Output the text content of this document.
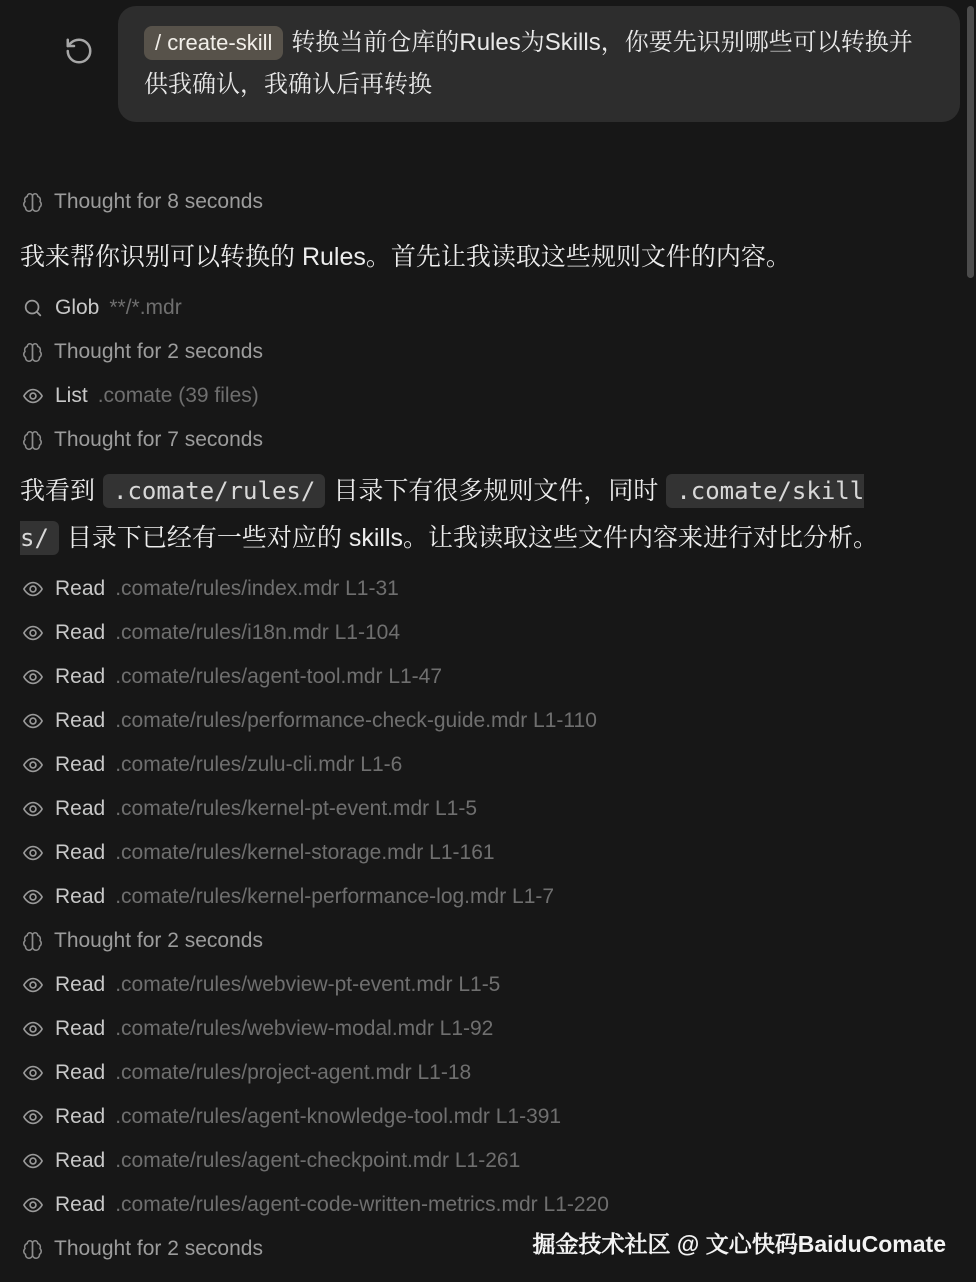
/ create-skill 转换当前仓库的Rules为Skills，你要先识别哪些可以转换并供我确认，我确认后再转换
Thought for 8 seconds

我来帮你识别可以转换的 Rules。首先让我读取这些规则文件的内容。

Glob **/*.mdr
Thought for 2 seconds
List .comate (39 files)
Thought for 7 seconds

我看到 .comate/rules/ 目录下有很多规则文件，同时 .comate/skills/ 目录下已经有一些对应的 skills。让我读取这些文件内容来进行对比分析。

Read .comate/rules/index.mdr L1-31
Read .comate/rules/i18n.mdr L1-104
Read .comate/rules/agent-tool.mdr L1-47
Read .comate/rules/performance-check-guide.mdr L1-110
Read .comate/rules/zulu-cli.mdr L1-6
Read .comate/rules/kernel-pt-event.mdr L1-5
Read .comate/rules/kernel-storage.mdr L1-161
Read .comate/rules/kernel-performance-log.mdr L1-7
Thought for 2 seconds
Read .comate/rules/webview-pt-event.mdr L1-5
Read .comate/rules/webview-modal.mdr L1-92
Read .comate/rules/project-agent.mdr L1-18
Read .comate/rules/agent-knowledge-tool.mdr L1-391
Read .comate/rules/agent-checkpoint.mdr L1-261
Read .comate/rules/agent-code-written-metrics.mdr L1-220
Thought for 2 seconds	掘金技术社区 @ 文心快码BaiduComate
